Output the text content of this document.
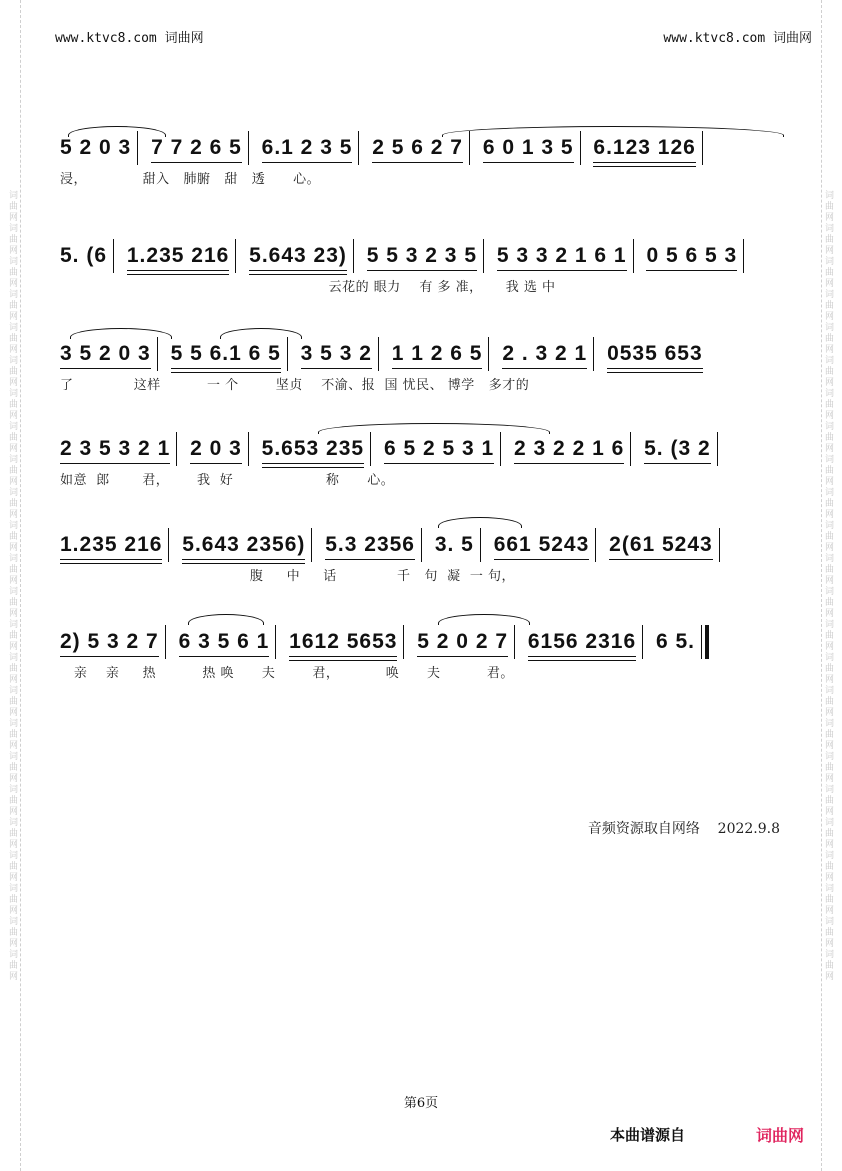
词曲网词曲网词曲网词曲网词曲网词曲网词曲网词曲网词曲网词曲网词曲网词曲网词曲网词曲网词曲网词曲网词曲网词曲网词曲网词曲网词曲网词曲网词曲网词曲网	词曲网词曲网词曲网词曲网词曲网词曲网词曲网词曲网词曲网词曲网词曲网词曲网词曲网词曲网词曲网词曲网词曲网词曲网词曲网词曲网词曲网词曲网词曲网词曲网
www.ktvc8.com 词曲网	www.ktvc8.com 词曲网
5 2 0 3 7 7 2 6 5 6.1 2 3 5 2 5 6 2 7 6 0 1 3 5 6.123 126
浸，            甜入   肺腑   甜   透      心。
5. (6 1.235 216 5.643 23) 5 5 3 2 3 5 5 3 3 2 1 6 1 0 5 6 5 3
云花的 眼力    有 多 准，     我 选 中
3 5 2 0 3 5 5 6.1 6 5 3 5 3 2 1 1 2 6 5 2 . 3 2 1 0535 653
了             这样          一 个        坚贞    不渝、报  国 忧民、 博学   多才的
2 3 5 3 2 1 2 0 3 5.653 235 6 5 2 5 3 1 2 3 2 2 1 6 5. (3 2
如意  郎       君，      我  好                    称      心。
1.235 216 5.643 2356) 5.3 2356 3. 5 661 5243 2(61 5243
腹     中     话             千   句  凝  一 句，
2) 5 3 2 7 6 3 5 6 1 1612 5653 5 2 0 2 7 6156 2316 6 5.
亲    亲     热          热 唤      夫        君，          唤      夫          君。
音频资源取自网络 2022.9.8
第6页
本曲谱源自	词曲网
